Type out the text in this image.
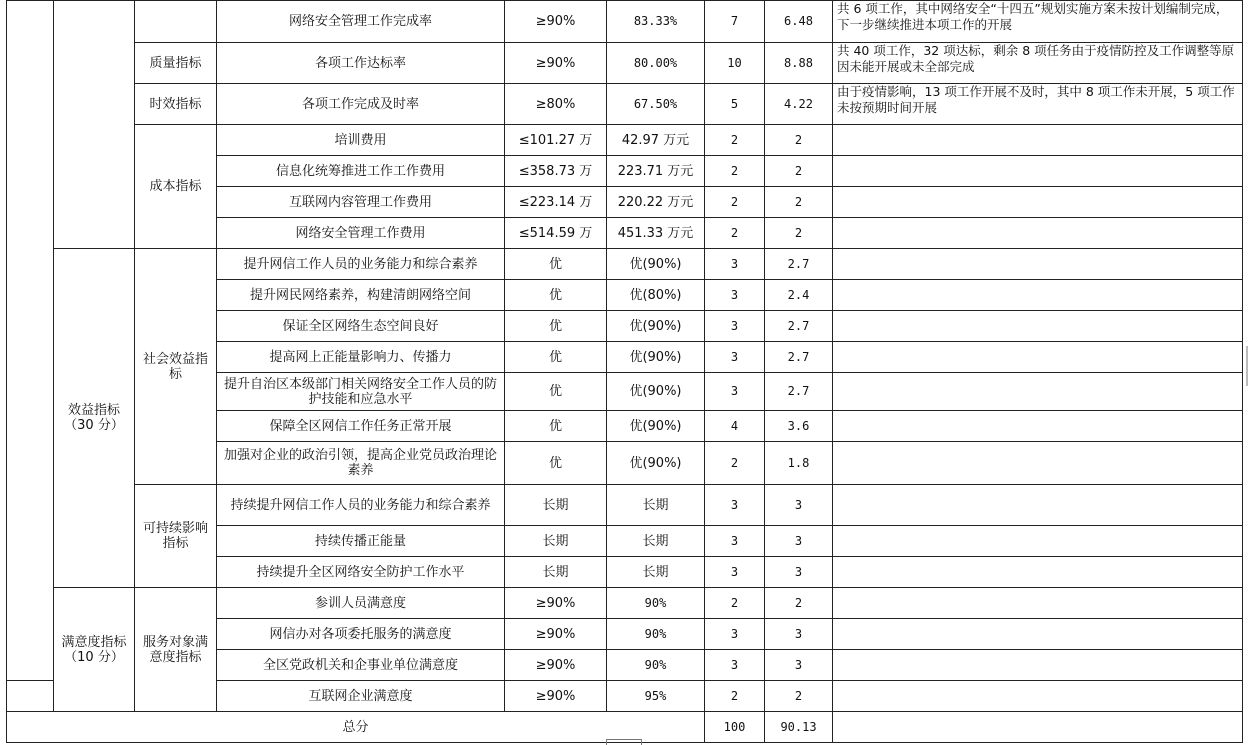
			网络安全管理工作完成率	≥90%	83.33%	7	6.48	共 6 项工作，其中网络安全“十四五”规划实施方案未按计划编制完成，下一步继续推进本项工作的开展
		质量指标	各项工作达标率	≥90%	80.00%	10	8.88	共 40 项工作，32 项达标，剩余 8 项任务由于疫情防控及工作调整等原因未能开展或未全部完成
		时效指标	各项工作完成及时率	≥80%	67.50%	5	4.22	由于疫情影响，13 项工作开展不及时，其中 8 项工作未开展，5 项工作未按预期时间开展
		成本指标	培训费用	≤101.27 万	42.97 万元	2	2	
			信息化统筹推进工作工作费用	≤358.73 万	223.71 万元	2	2	
			互联网内容管理工作费用	≤223.14 万	220.22 万元	2	2	
			网络安全管理工作费用	≤514.59 万	451.33 万元	2	2	
	效益指标（30 分）	社会效益指标	提升网信工作人员的业务能力和综合素养	优	优(90%)	3	2.7	
			提升网民网络素养，构建清朗网络空间	优	优(80%)	3	2.4	
			保证全区网络生态空间良好	优	优(90%)	3	2.7	
			提高网上正能量影响力、传播力	优	优(90%)	3	2.7	
			提升自治区本级部门相关网络安全工作人员的防护技能和应急水平	优	优(90%)	3	2.7	
			保障全区网信工作任务正常开展	优	优(90%)	4	3.6	
			加强对企业的政治引领，提高企业党员政治理论素养	优	优(90%)	2	1.8	
		可持续影响指标	持续提升网信工作人员的业务能力和综合素养	长期	长期	3	3	
			持续传播正能量	长期	长期	3	3	
			持续提升全区网络安全防护工作水平	长期	长期	3	3	
	满意度指标（10 分）	服务对象满意度指标	参训人员满意度	≥90%	90%	2	2	
			网信办对各项委托服务的满意度	≥90%	90%	3	3	
			全区党政机关和企事业单位满意度	≥90%	90%	3	3	
			互联网企业满意度	≥90%	95%	2	2	
总分						100	90.13	
